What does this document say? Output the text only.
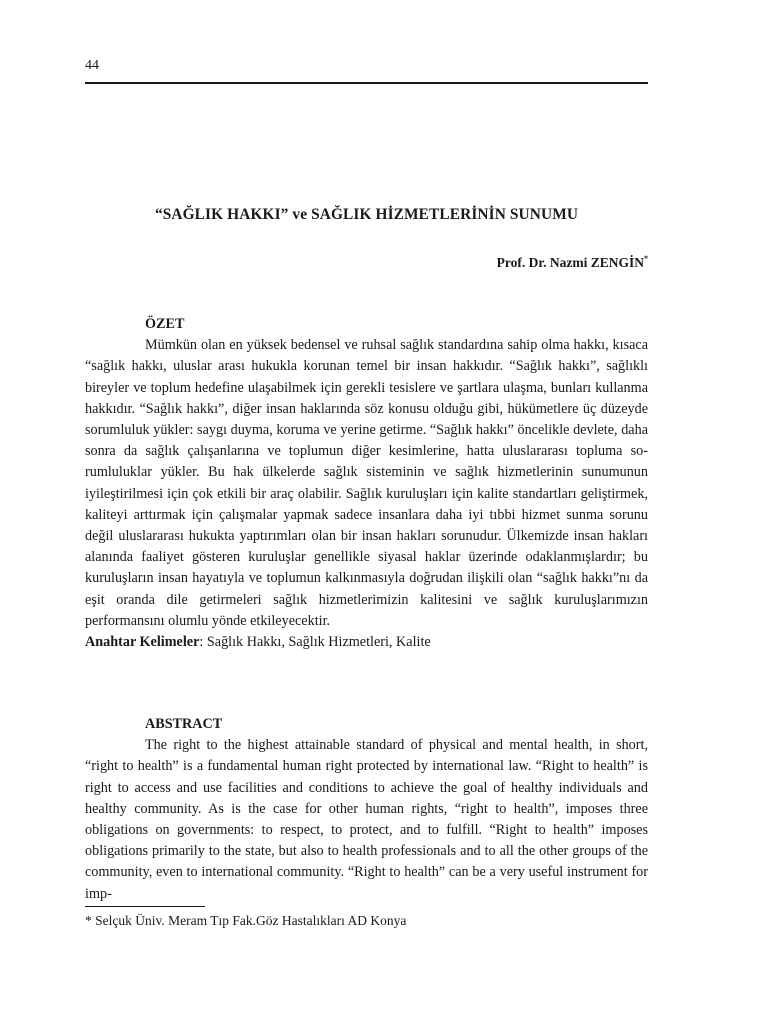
44
“SAĞLIK HAKKI” ve SAĞLIK HİZMETLERİNİN SUNUMU
Prof. Dr. Nazmi ZENGİN*
ÖZET

Mümkün olan en yüksek bedensel ve ruhsal sağlık standardına sahip olma hakkı, kısaca “sağlık hakkı, uluslar arası hukukla korunan temel bir insan hakkıdır. “Sağlık hakkı”, sağlıklı bireyler ve toplum hedefine ulaşabilmek için gerekli tesislere ve şartlara ulaşma, bunları kullanma hakkıdır. “Sağlık hakkı”, diğer insan haklarında söz konusu olduğu gibi, hükümetlere üç düzeyde sorumluluk yükler: saygı duyma, koruma ve yerine getirme. “Sağlık hakkı” öncelikle devlete, daha sonra da sağlık çalışanlarına ve toplumun diğer kesimlerine, hatta uluslararası topluma sorumluluklar yükler. Bu hak ülkelerde sağlık sisteminin ve sağlık hizmetlerinin sunumunun iyileştirilmesi için çok etkili bir araç olabilir. Sağlık kuruluşları için kalite standartları geliştirmek, kaliteyi arttırmak için çalışmalar yapmak sadece insanlara daha iyi tıbbi hizmet sunma sorunu değil uluslararası hukukta yaptırımları olan bir insan hakları sorunudur. Ülkemizde insan hakları alanında faaliyet gösteren kuruluşlar genellikle siyasal haklar üzerinde odaklanmışlardır; bu kuruluşların insan hayatıyla ve toplumun kalkınmasıyla doğrudan ilişkili olan “sağlık hakkı”nı da eşit oranda dile getirmeleri sağlık hizmetlerimizin kalitesini ve sağlık kuruluşlarımızın performansını olumlu yönde etkileyecektir.

Anahtar Kelimeler: Sağlık Hakkı, Sağlık Hizmetleri, Kalite

ABSTRACT

The right to the highest attainable standard of physical and mental health, in short, “right to health” is a fundamental human right protected by international law. “Right to health” is right to access and use facilities and conditions to achieve the goal of healthy individuals and healthy community. As is the case for other human rights, “right to health”, imposes three obligations on governments: to respect, to protect, and to fulfill. “Right to health” imposes obligations primarily to the state, but also to health professionals and to all the other groups of the community, even to international community. “Right to health” can be a very useful instrument for imp-

* Selçuk Üniv. Meram Tıp Fak.Göz Hastalıkları AD Konya
